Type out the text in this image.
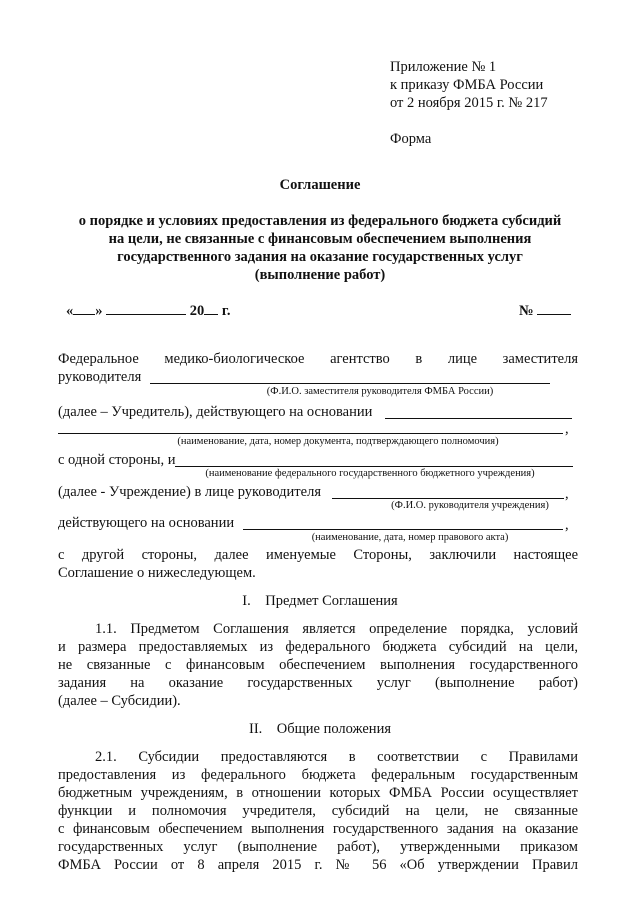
Приложение № 1
к приказу ФМБА России
от 2 ноября 2015 г. № 217
Форма
Соглашение
о порядке и условиях предоставления из федерального бюджета субсидий
на цели, не связанные с финансовым обеспечением выполнения
государственного задания на оказание государственных услуг
(выполнение работ)
« »	20 г.	№
Федеральное медико-биологическое агентство в лице заместителя
руководителя
(Ф.И.О. заместителя руководителя ФМБА России)
(далее – Учредитель), действующего на основании
,
(наименование, дата, номер документа, подтверждающего полномочия)
с одной стороны, и
(наименование федерального государственного бюджетного учреждения)
(далее - Учреждение) в лице руководителя	,
(Ф.И.О. руководителя учреждения)
действующего на основании	,
(наименование, дата, номер правового акта)
с другой стороны, далее именуемые Стороны, заключили настоящее
Соглашение о нижеследующем.
I.    Предмет Соглашения
1.1. Предметом Соглашения является определение порядка, условий
и размера предоставляемых из федерального бюджета субсидий на цели,
не связанные с финансовым обеспечением выполнения государственного
задания на оказание государственных услуг (выполнение работ)
(далее – Субсидии).
II.    Общие положения
2.1. Субсидии предоставляются в соответствии с Правилами
предоставления из федерального бюджета федеральным государственным
бюджетным учреждениям, в отношении которых ФМБА России осуществляет
функции и полномочия учредителя, субсидий на цели, не связанные
с финансовым обеспечением выполнения государственного задания на оказание
государственных услуг (выполнение работ), утвержденными приказом
ФМБА России от 8 апреля 2015 г. № 56 «Об утверждении Правил
